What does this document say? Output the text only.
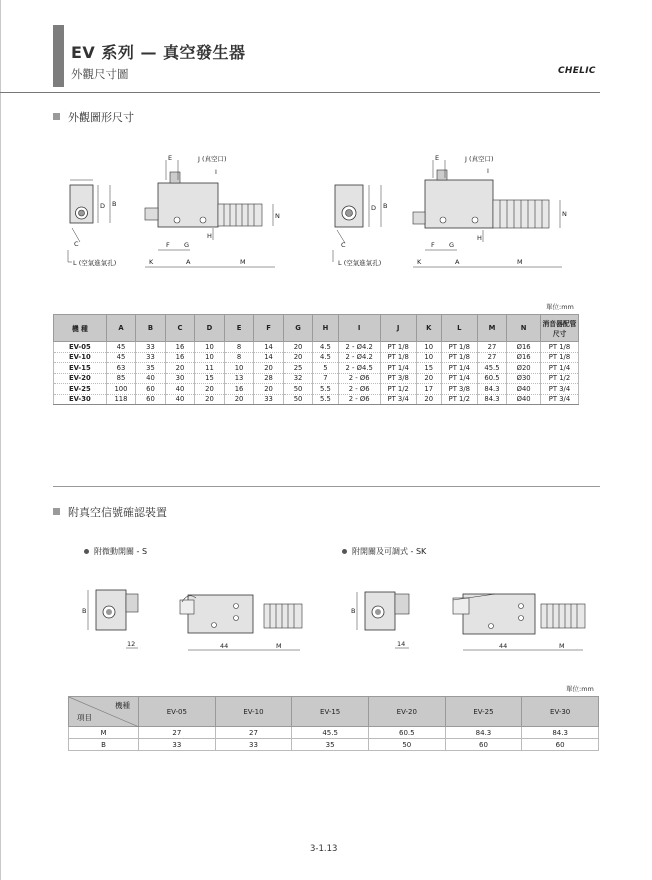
EV 系列 — 真空發生器
外觀尺寸圖	CHELIC
外觀圖形尺寸
D B
C
L (空氣進氣孔)
N
E	J (真空口)
I
H
F G
K	A	M
D B
C
L (空氣進氣孔)
N
E	J (真空口)
I
H
F G
K	A	M
單位:mm
機 種	A	B	C	D	E	F	G	H	I	J	K	L	M	N	消音器配管尺寸
EV-05	45	33	16	10	8	14	20	4.5	2 - Ø4.2	PT 1/8	10	PT 1/8	27	Ø16	PT 1/8
EV-10	45	33	16	10	8	14	20	4.5	2 - Ø4.2	PT 1/8	10	PT 1/8	27	Ø16	PT 1/8
EV-15	63	35	20	11	10	20	25	5	2 - Ø4.5	PT 1/4	15	PT 1/4	45.5	Ø20	PT 1/4
EV-20	85	40	30	15	13	28	32	7	2 - Ø6	PT 3/8	20	PT 1/4	60.5	Ø30	PT 1/2
EV-25	100	60	40	20	16	20	50	5.5	2 - Ø6	PT 1/2	17	PT 3/8	84.3	Ø40	PT 3/4
EV-30	118	60	40	20	20	33	50	5.5	2 - Ø6	PT 3/4	20	PT 1/2	84.3	Ø40	PT 3/4
附真空信號確認裝置
附微動開關 - S	附開關及可調式 - SK
B
12	44	M
B
14	44	M
單位:mm
機種
項目	EV-05	EV-10	EV-15	EV-20	EV-25	EV-30
M	27	27	45.5	60.5	84.3	84.3
B	33	33	35	50	60	60
3-1.13
